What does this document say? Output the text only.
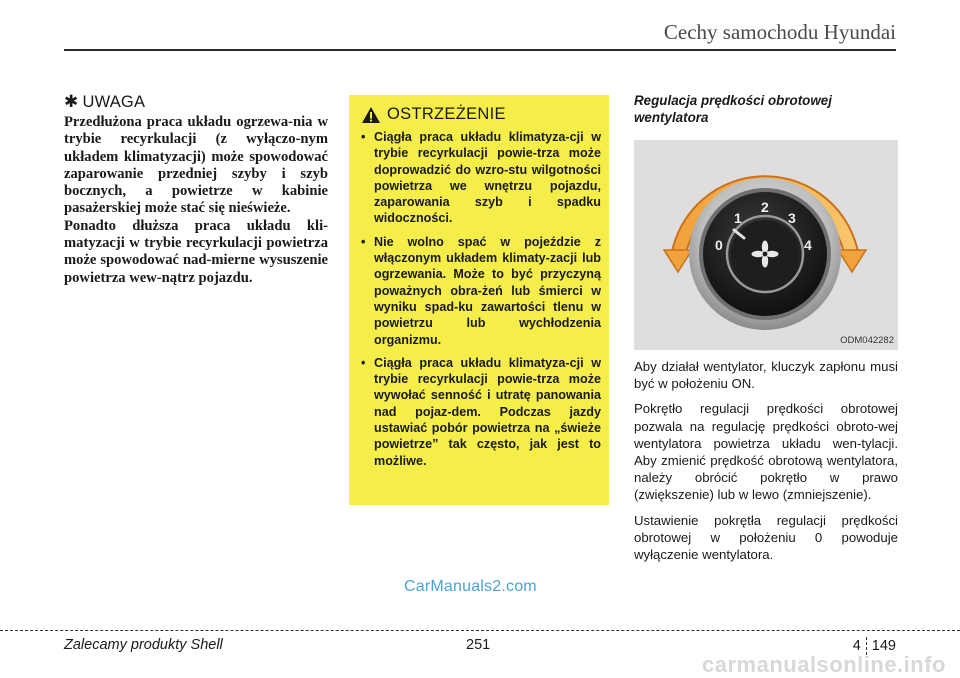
Cechy samochodu Hyundai
✱ UWAGA

Przedłużona praca układu ogrzewa-nia w trybie recyrkulacji (z wyłączo-nym układem klimatyzacji) może spowodować zaparowanie przedniej szyby i szyb bocznych, a powietrze w kabinie pasażerskiej może stać się nieświeże.

Ponadto dłuższa praca układu kli-matyzacji w trybie recyrkulacji powietrza może spowodować nad-mierne wysuszenie powietrza wew-nątrz pojazdu.

OSTRZEŻENIE
• Ciągła praca układu klimatyza-cji w trybie recyrkulacji powie-trza może doprowadzić do wzro-stu wilgotności powietrza we wnętrzu pojazdu, zaparowania szyb i spadku widoczności.
• Nie wolno spać w pojeździe z włączonym układem klimaty-zacji lub ogrzewania. Może to być przyczyną poważnych obra-żeń lub śmierci w wyniku spad-ku zawartości tlenu w powietrzu lub wychłodzenia organizmu.
• Ciągła praca układu klimatyza-cji w trybie recyrkulacji powie-trza może wywołać senność i utratę panowania nad pojaz-dem. Podczas jazdy ustawiać pobór powietrza na „świeże powietrze” tak często, jak jest to możliwe.

Regulacja prędkości obrotowej wentylatora

0
1
2
3
4
ODM042282

Aby działał wentylator, kluczyk zapłonu musi być w położeniu ON.

Pokrętło regulacji prędkości obrotowej pozwala na regulację prędkości obroto-wej wentylatora powietrza układu wen-tylacji. Aby zmienić prędkość obrotową wentylatora, należy obrócić pokrętło w prawo (zwiększenie) lub w lewo (zmniejszenie).

Ustawienie pokrętła regulacji prędkości obrotowej w położeniu 0 powoduje wyłączenie wentylatora.

CarManuals2.com
Zalecamy produkty Shell	251	4 149
carmanualsonline.info
